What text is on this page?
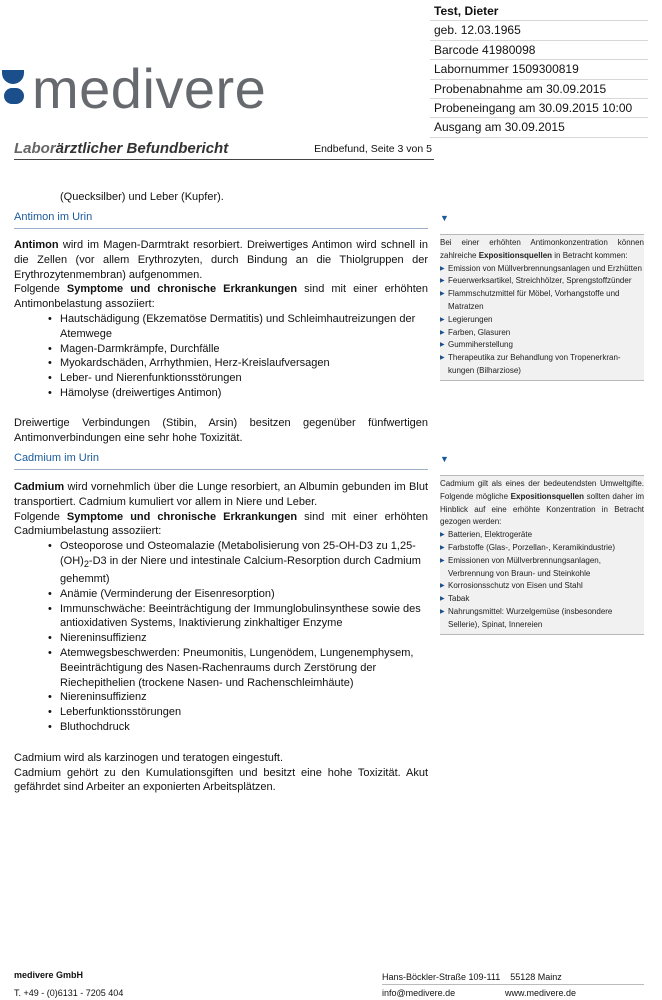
medivere
Test, Dieter
geb. 12.03.1965
Barcode 41980098
Labornummer 1509300819
Probenabnahme am 30.09.2015
Probeneingang am 30.09.2015 10:00
Ausgang am 30.09.2015
Laborärztlicher Befundbericht	Endbefund, Seite 3 von 5
(Quecksilber) und Leber (Kupfer).
Antimon im Urin	▼

Antimon wird im Magen-Darmtrakt resorbiert. Dreiwertiges Antimon wird schnell in die Zellen (vor allem Erythrozyten, durch Bindung an die Thiolgruppen der Erythrozytenmembran) aufgenommen.

Folgende Symptome und chronische Erkrankungen sind mit einer erhöhten Antimonbelastung assoziiert:

• Hautschädigung (Ekzematöse Dermatitis) und Schleimhautreizungen der Atemwege
• Magen-Darmkrämpfe, Durchfälle
• Myokardschäden, Arrhythmien, Herz-Kreislaufversagen
• Leber- und Nierenfunktionsstörungen
• Hämolyse (dreiwertiges Antimon)

Dreiwertige Verbindungen (Stibin, Arsin) besitzen gegenüber fünfwertigen Antimonverbindungen eine sehr hohe Toxizität.

Bei einer erhöhten Antimonkonzentration können zahlreiche Expositionsquellen in Betracht kommen:

▶ Emission von Müllverbrennungsanlagen und Erzhütten
▶ Feuerwerksartikel, Streichhölzer, Sprengstoffzünder
▶ Flammschutzmittel für Möbel, Vorhangstoffe und Matratzen
▶ Legierungen
▶ Farben, Glasuren
▶ Gummiherstellung
▶ Therapeutika zur Behandlung von Tropenerkrankungen (Bilharziose)
Cadmium im Urin	▼

Cadmium wird vornehmlich über die Lunge resorbiert, an Albumin gebunden im Blut transportiert. Cadmium kumuliert vor allem in Niere und Leber.

Folgende Symptome und chronische Erkrankungen sind mit einer erhöhten Cadmiumbelastung assoziiert:

• Osteoporose und Osteomalazie (Metabolisierung von 25-OH-D3 zu $1,25-(OH)_2-D3$ in der Niere und intestinale Calcium-Resorption durch Cadmium gehemmt)
• Anämie (Verminderung der Eisenresorption)
• Immunschwäche: Beeinträchtigung der Immunglobulinsynthese sowie des antioxidativen Systems, Inaktivierung zinkhaltiger Enzyme
• Niereninsuffizienz
• Atemwegsbeschwerden: Pneumonitis, Lungenödem, Lungenemphysem, Beeinträchtigung des Nasen-Rachenraums durch Zerstörung der Riechepithelien (trockene Nasen- und Rachenschleimhäute)
• Niereninsuffizienz
• Leberfunktionsstörungen
• Bluthochdruck

Cadmium wird als karzinogen und teratogen eingestuft.

Cadmium gehört zu den Kumulationsgiften und besitzt eine hohe Toxizität. Akut gefährdet sind Arbeiter an exponierten Arbeitsplätzen.

Cadmium gilt als eines der bedeutendsten Umweltgifte. Folgende mögliche Expositionsquellen sollten daher im Hinblick auf eine erhöhte Konzentration in Betracht gezogen werden:

▶ Batterien, Elektrogeräte
▶ Farbstoffe (Glas-, Porzellan-, Keramikindustrie)
▶ Emissionen von Müllverbrennungsanlagen, Verbrennung von Braun- und Steinkohle
▶ Korrosionsschutz von Eisen und Stahl
▶ Tabak
▶ Nahrungsmittel: Wurzelgemüse (insbesondere Sellerie), Spinat, Innereien
medivere GmbH
T. +49 - (0)6131 - 7205 404
Hans-Böckler-Straße 109-111    55128 Mainz
info@medivere.de	www.medivere.de
